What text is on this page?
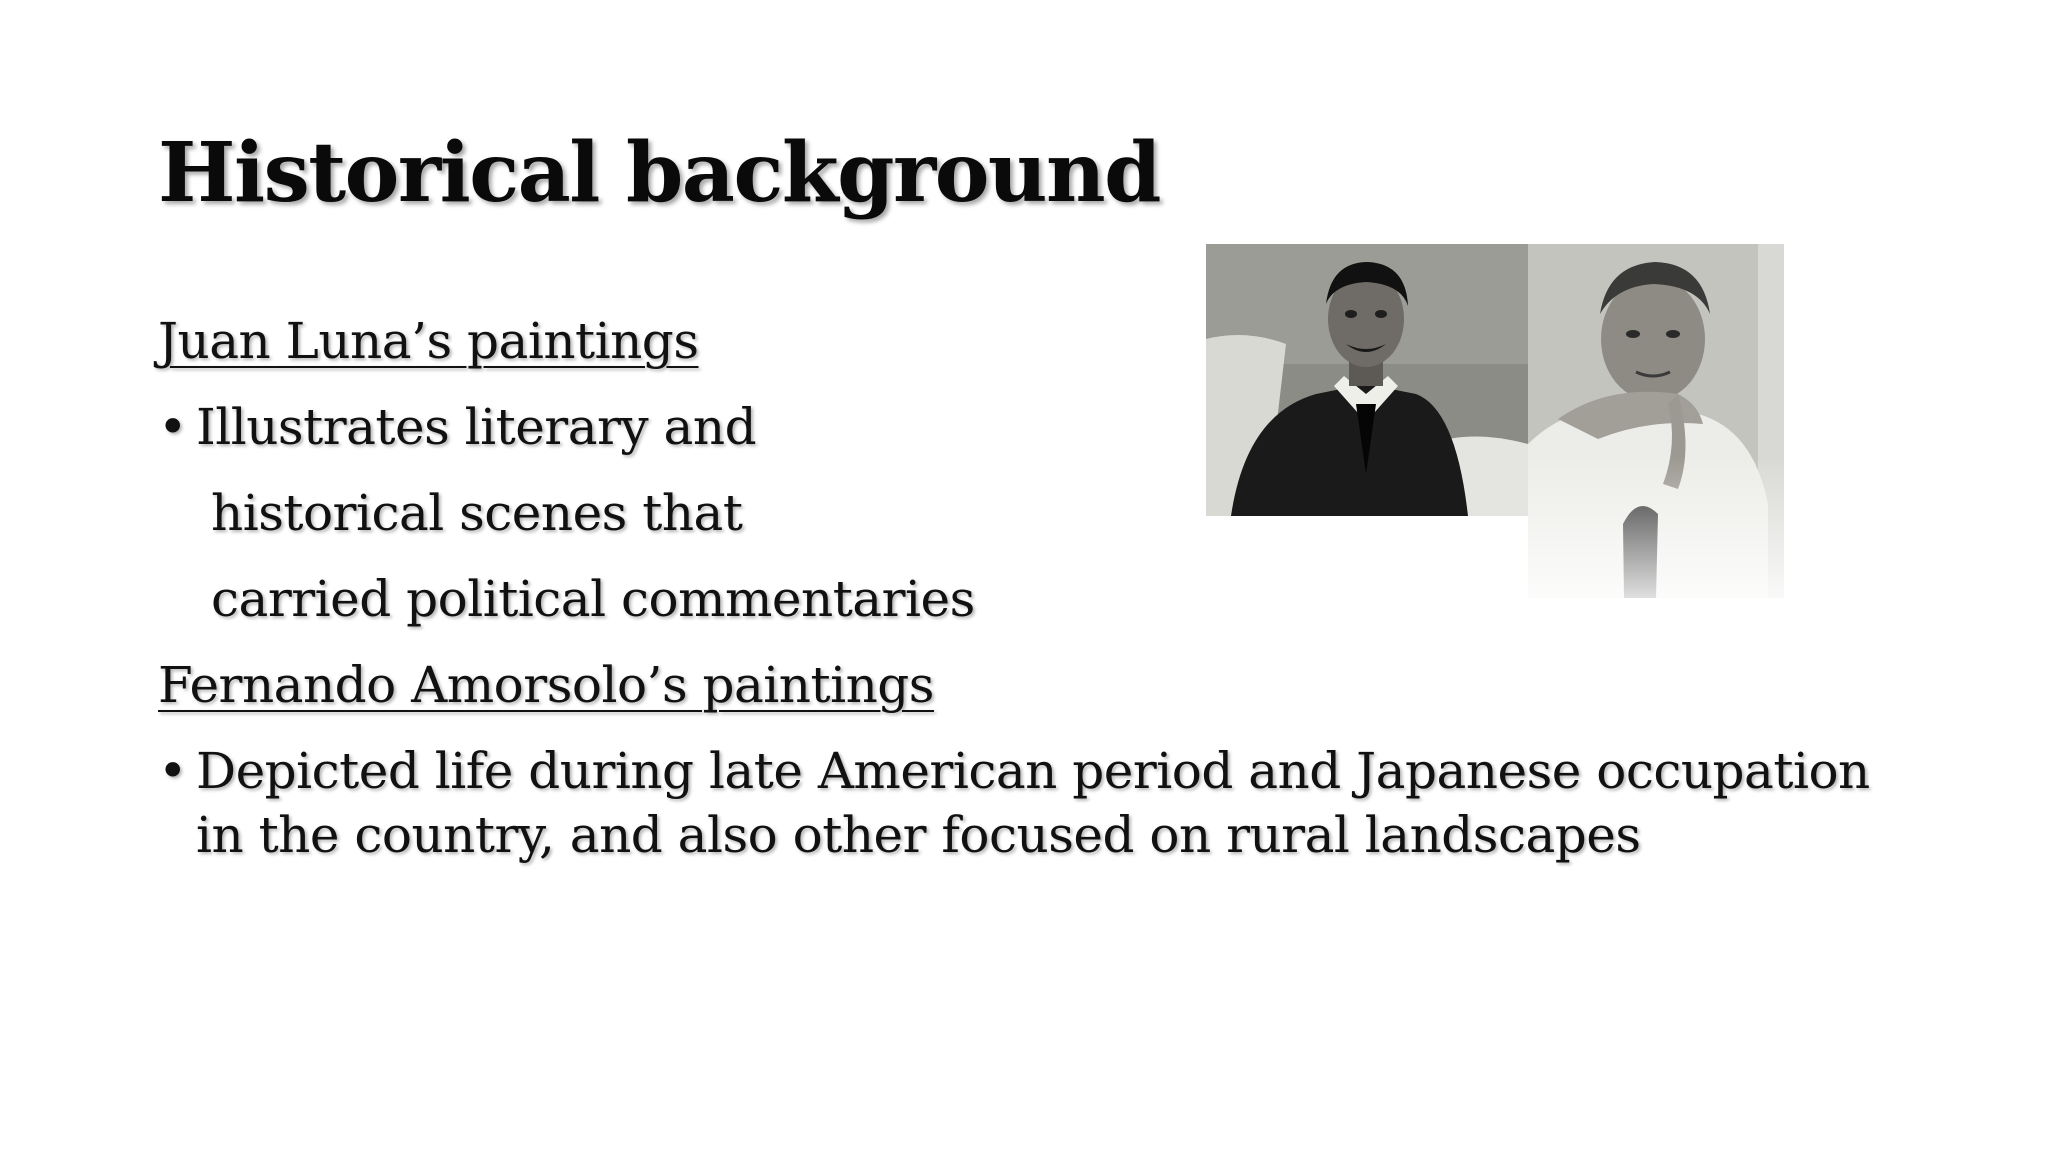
Historical background
Juan Luna’s paintings
• Illustrates literary and
historical scenes that
carried political commentaries
Fernando Amorsolo’s paintings
• Depicted life during late American period and Japanese occupation
in the country, and also other focused on rural landscapes
